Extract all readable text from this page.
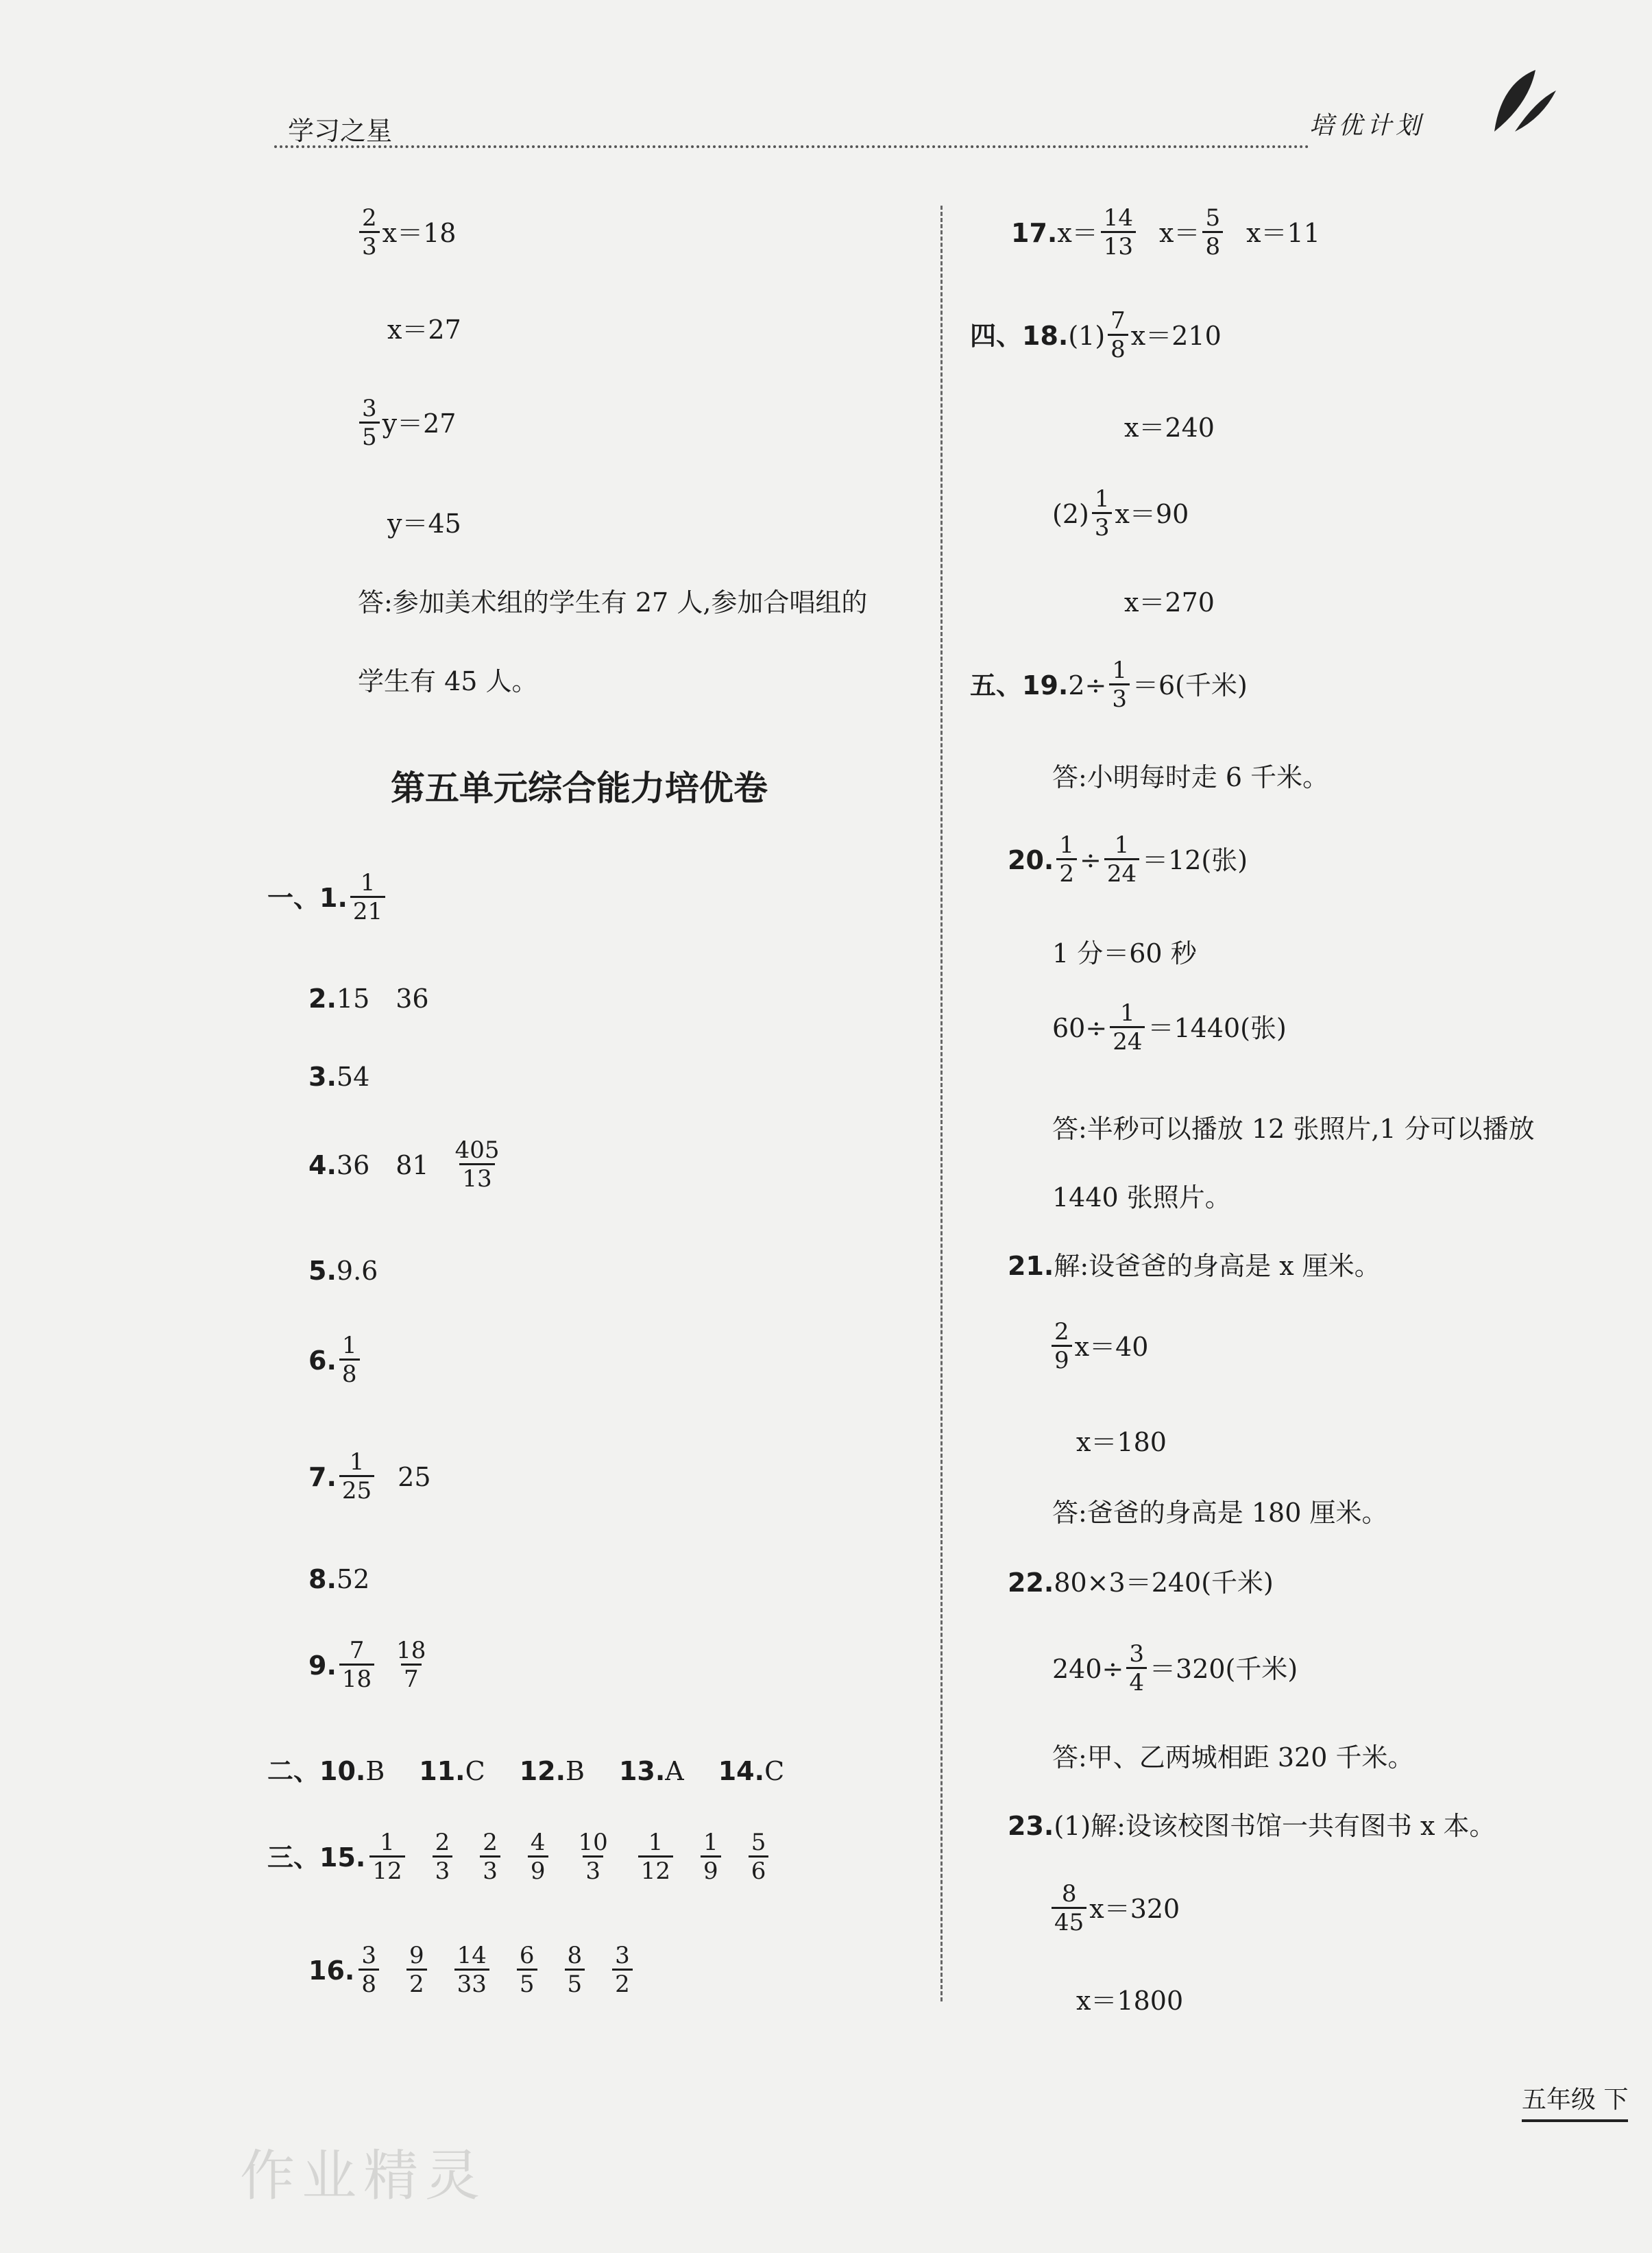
学习之星	培优计划
$\frac{2}{3} x=18$
x＝27
$\frac{3}{5} y=27$
y＝45
答:参加美术组的学生有 27 人,参加合唱组的
学生有 45 人。
第五单元综合能力培优卷
一、1. $\frac{1}{21}$
2. 15　36
3. 54
4. 36　$81 \frac{405}{13}$
5. 9.6
6. $\frac{1}{8}$
7. $\frac{1}{25} 25$
8. 52
9. $\frac{7}{18} \frac{18}{7}$
二、 10. B 11. C 12. B 13. A 14. C
三、15. $\frac{1}{12} \frac{2}{3} \frac{2}{3} \frac{4}{9} \frac{10}{3} \frac{1}{12} \frac{1}{9} \frac{5}{6}$
16. $\frac{3}{8} \frac{9}{2} \frac{14}{33} \frac{6}{5} \frac{8}{5} \frac{3}{2}$
17. $x= \frac{14}{13} x= \frac{5}{8} x=11$
四、18. $(1) \frac{7}{8} x=210$
x＝240
$(2) \frac{1}{3} x=90$
x＝270
五、19. $2\div \frac{1}{3} =6$(千米)
答:小明每时走 6 千米。
20. $\frac{1}{2} \div \frac{1}{24} =12$(张)
1 分＝60 秒
$60\div \frac{1}{24} =1440$(张)
答:半秒可以播放 12 张照片,1 分可以播放
1440 张照片。
21. 解:设爸爸的身高是 x 厘米。
$\frac{2}{9} x=40$
x＝180
答:爸爸的身高是 180 厘米。
22. 80×3＝240(千米)
$240\div \frac{3}{4} =320$(千米)
答:甲、乙两城相距 320 千米。
23. (1)解:设该校图书馆一共有图书 x 本。
$\frac{8}{45} x=320$
x＝1800
作业精灵
五年级 下
